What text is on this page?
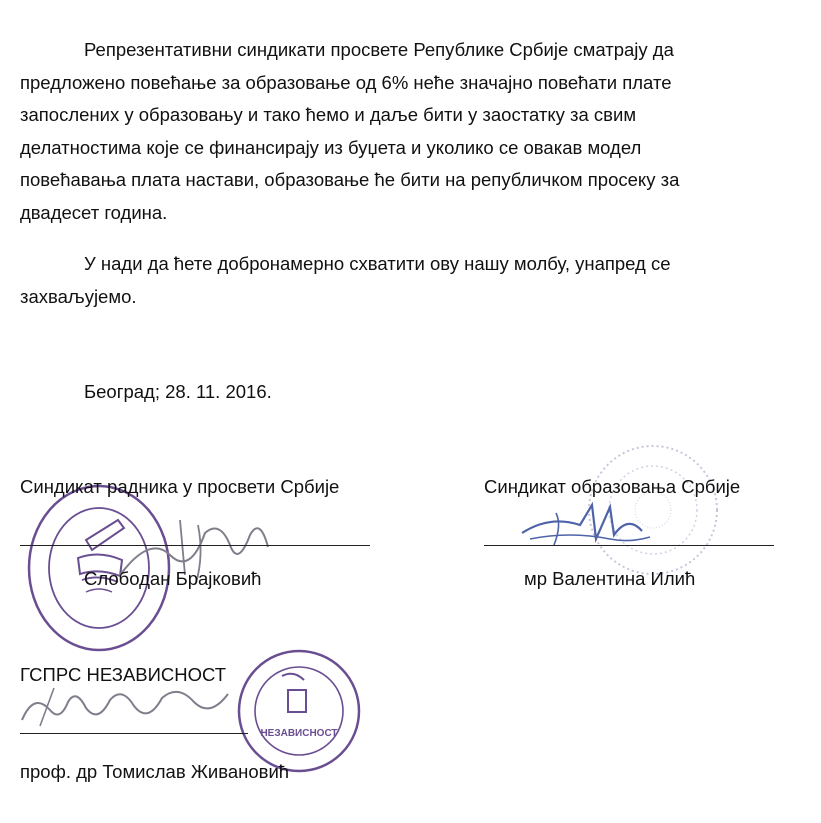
Репрезентативни синдикати просвете Републике Србије сматрају да
предложено повећање за образовање од 6% неће значајно повећати плате
запослених у образовању и тако ћемо и даље бити у заостатку за свим
делатностима које се финансирају из буџета и уколико се овакав модел
повећавања плата настави, образовање ће бити на републичком просеку за
двадесет година.
У нади да ћете добронамерно схватити ову нашу молбу, унапред се
захваљујемо.

Београд; 28. 11. 2016.

Синдикат радника у просвети Србије	Синдикат образовања Србије

Слободан Брајковић	мр Валентина Илић

НЕЗАВИСНОСТ

ГСПРС НЕЗАВИСНОСТ

проф. др Томислав Живановић
